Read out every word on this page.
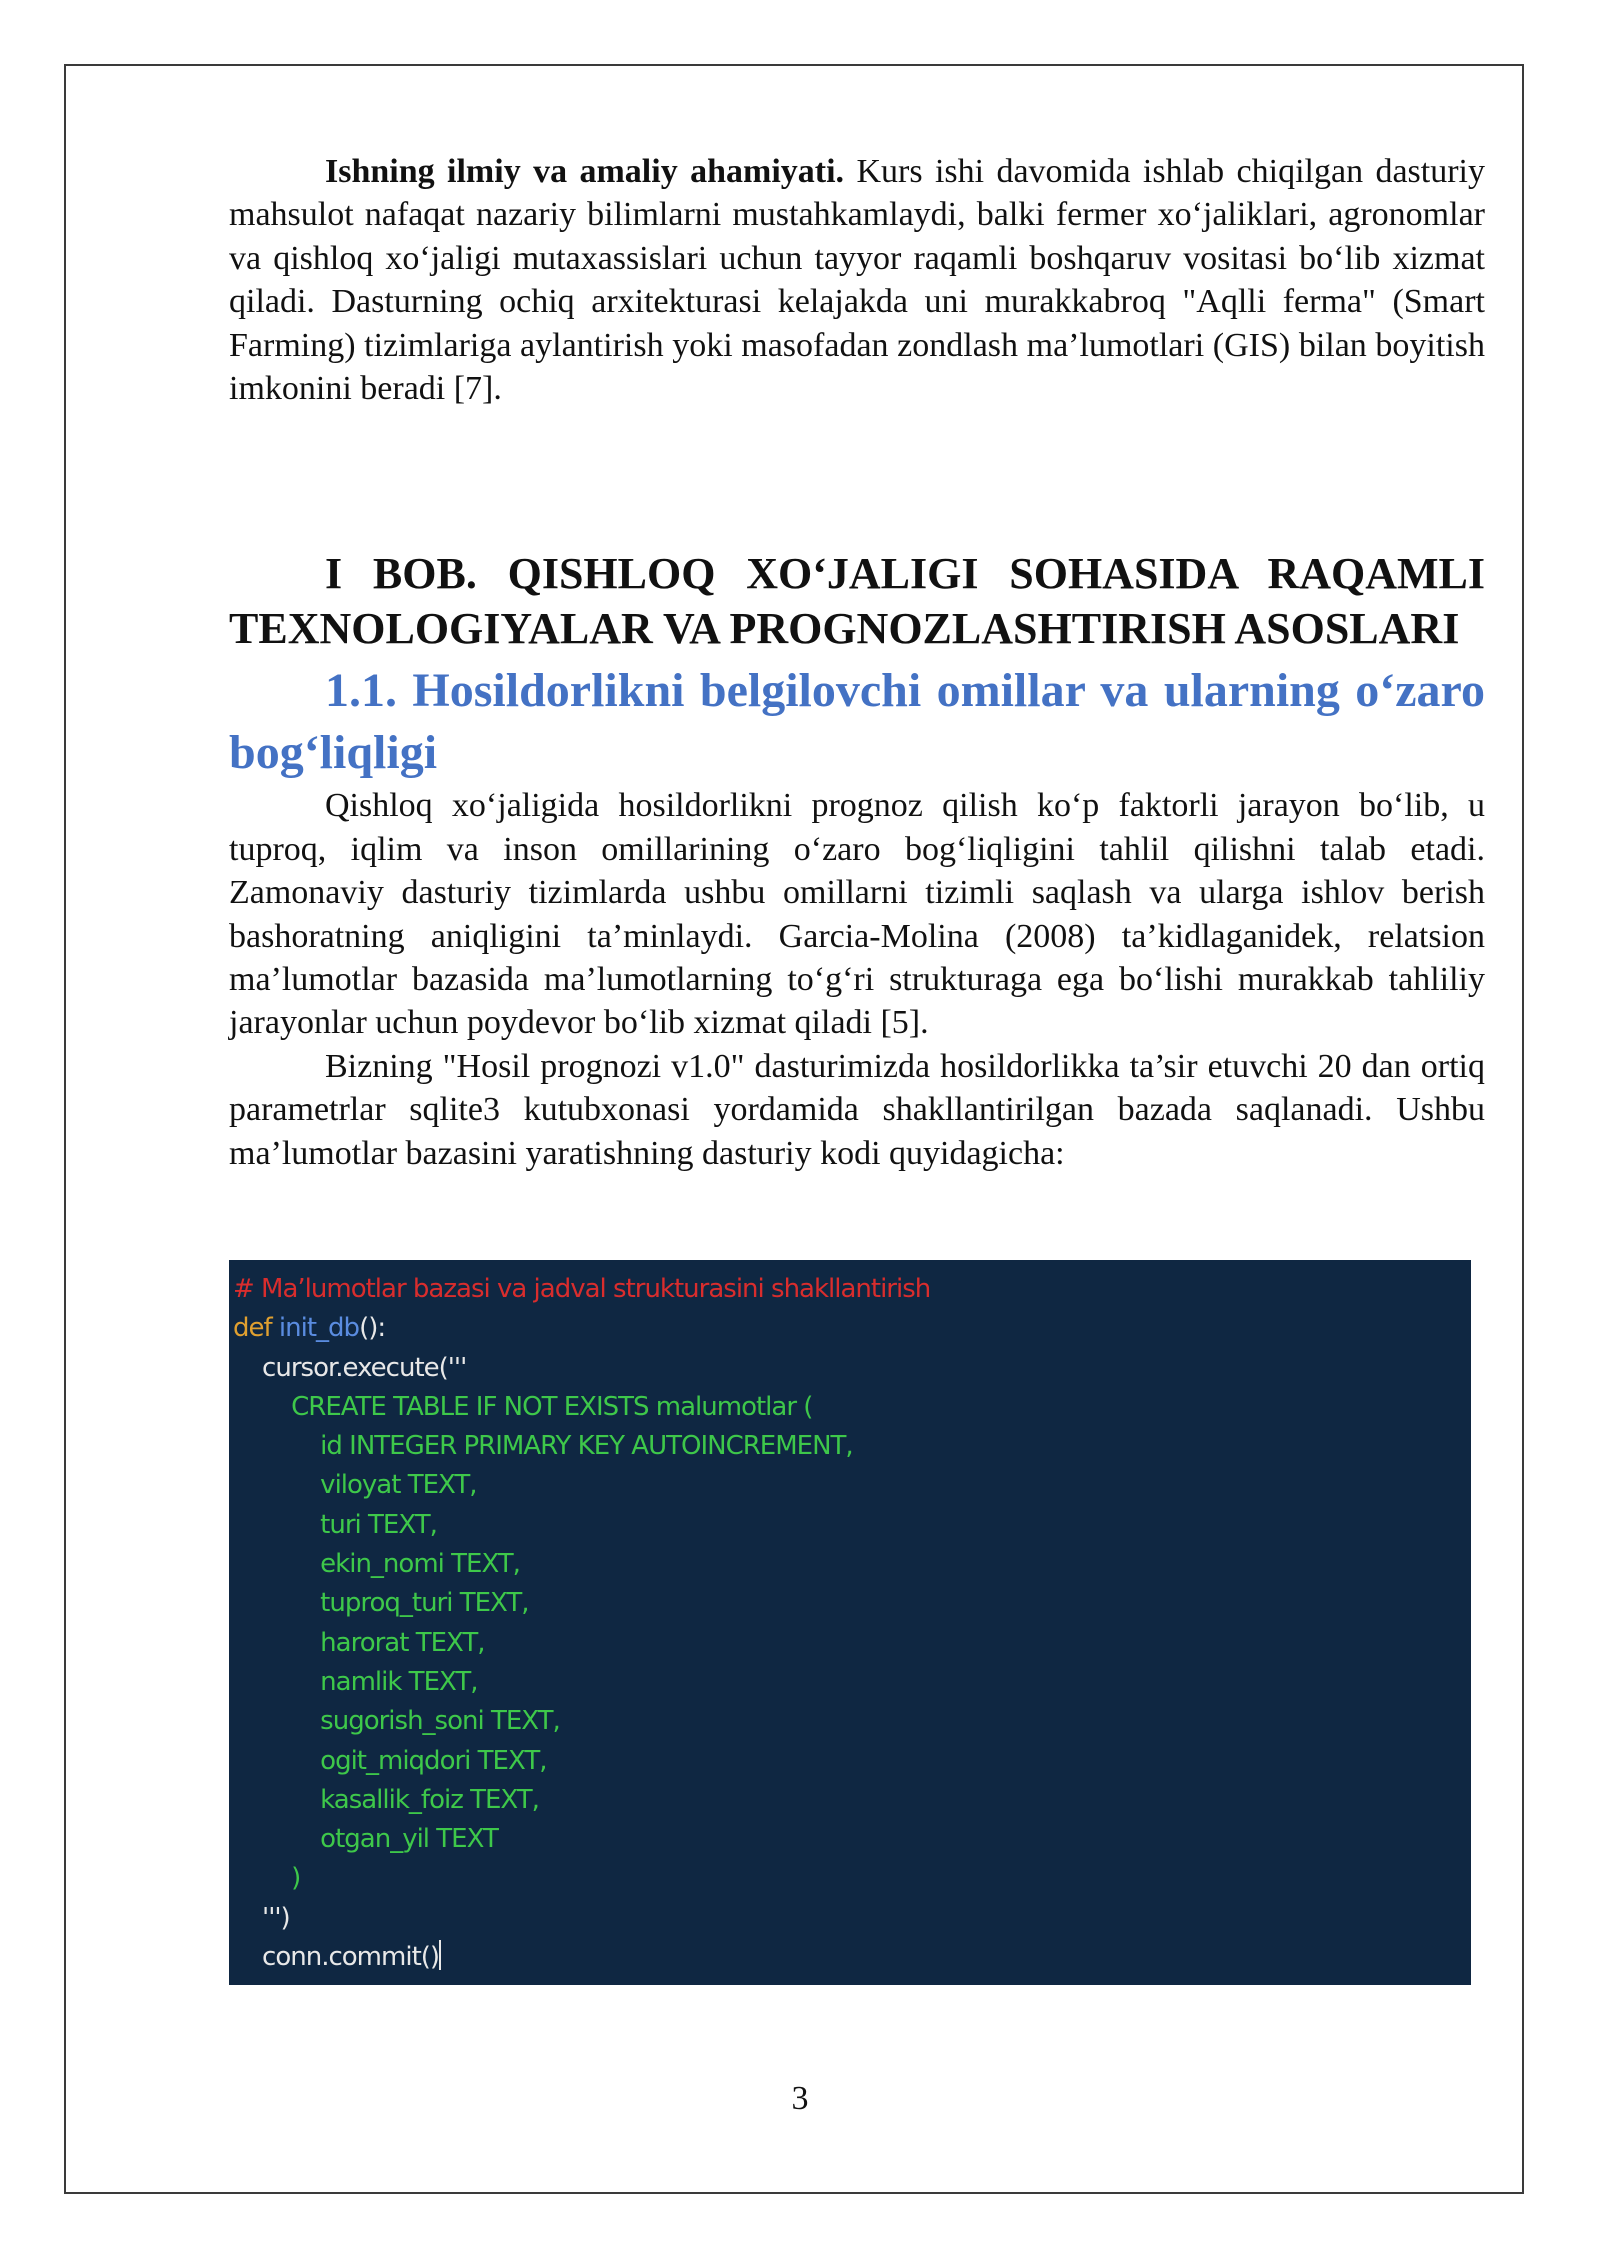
Ishning ilmiy va amaliy ahamiyati. Kurs ishi davomida ishlab chiqilgan dasturiy mahsulot nafaqat nazariy bilimlarni mustahkamlaydi, balki fermer xo‘jaliklari, agronomlar va qishloq xo‘jaligi mutaxassislari uchun tayyor raqamli boshqaruv vositasi bo‘lib xizmat qiladi. Dasturning ochiq arxitekturasi kelajakda uni murakkabroq "Aqlli ferma" (Smart Farming) tizimlariga aylantirish yoki masofadan zondlash ma’lumotlari (GIS) bilan boyitish imkonini beradi [7].

I BOB. QISHLOQ XO‘JALIGI SOHASIDA RAQAMLI TEXNOLOGIYALAR VA PROGNOZLASHTIRISH ASOSLARI
1.1. Hosildorlikni belgilovchi omillar va ularning o‘zaro bog‘liqligi

Qishloq xo‘jaligida hosildorlikni prognoz qilish ko‘p faktorli jarayon bo‘lib, u tuproq, iqlim va inson omillarining o‘zaro bog‘liqligini tahlil qilishni talab etadi. Zamonaviy dasturiy tizimlarda ushbu omillarni tizimli saqlash va ularga ishlov berish bashoratning aniqligini ta’minlaydi. Garcia-Molina (2008) ta’kidlaganidek, relatsion ma’lumotlar bazasida ma’lumotlarning to‘g‘ri strukturaga ega bo‘lishi murakkab tahliliy jarayonlar uchun poydevor bo‘lib xizmat qiladi [5].

Bizning "Hosil prognozi v1.0" dasturimizda hosildorlikka ta’sir etuvchi 20 dan ortiq parametrlar sqlite3 kutubxonasi yordamida shakllantirilgan bazada saqlanadi. Ushbu ma’lumotlar bazasini yaratishning dasturiy kodi quyidagicha:

# Ma’lumotlar bazasi va jadval strukturasini shakllantirish
def init_db():
cursor.execute('''
CREATE TABLE IF NOT EXISTS malumotlar (
id INTEGER PRIMARY KEY AUTOINCREMENT,
viloyat TEXT,
turi TEXT,
ekin_nomi TEXT,
tuproq_turi TEXT,
harorat TEXT,
namlik TEXT,
sugorish_soni TEXT,
ogit_miqdori TEXT,
kasallik_foiz TEXT,
otgan_yil TEXT
)
''')
conn.commit()
3
